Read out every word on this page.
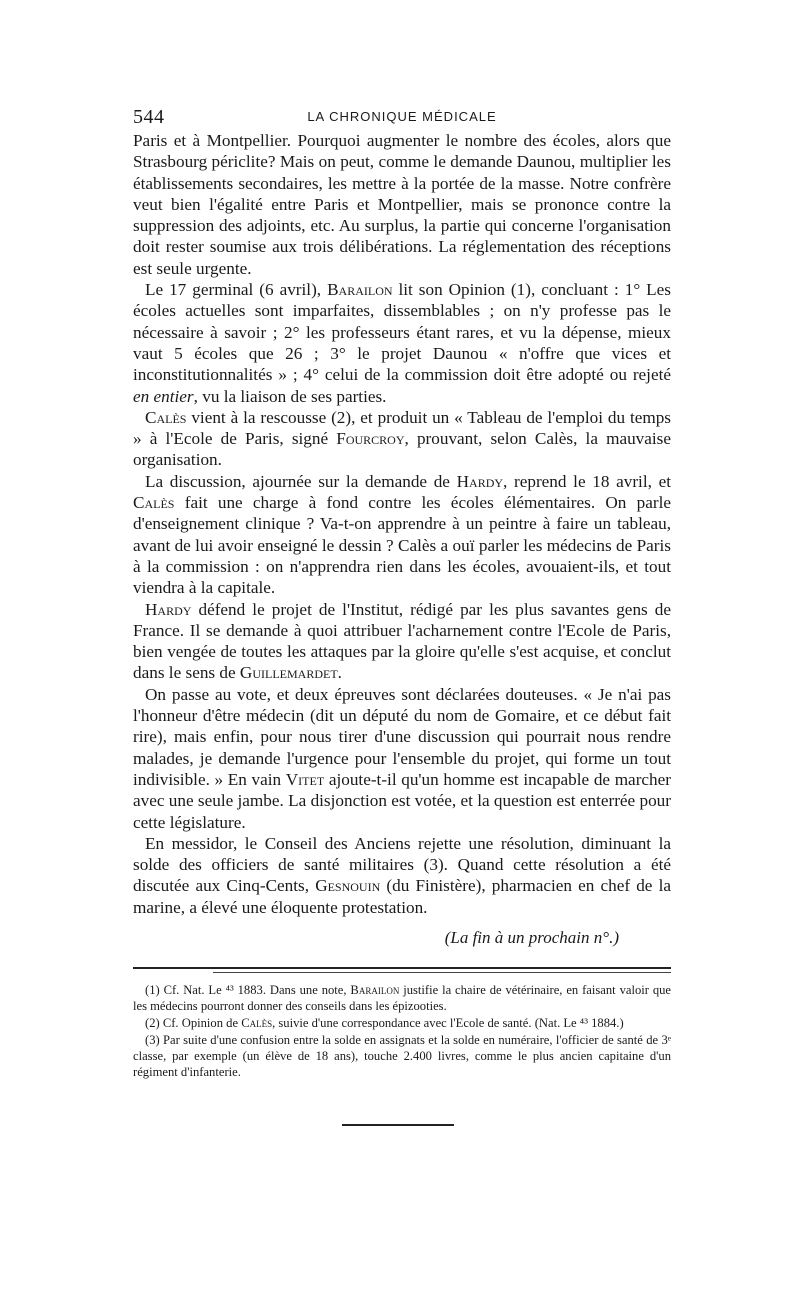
544	LA CHRONIQUE MÉDICALE

Paris et à Montpellier. Pourquoi augmenter le nombre des écoles, alors que Strasbourg périclite? Mais on peut, comme le demande Daunou, multiplier les établissements secondaires, les mettre à la portée de la masse. Notre confrère veut bien l'égalité entre Paris et Montpellier, mais se prononce contre la suppression des adjoints, etc. Au surplus, la partie qui concerne l'organisation doit rester soumise aux trois délibérations. La réglementation des réceptions est seule urgente.

Le 17 germinal (6 avril), Barailon lit son Opinion (1), concluant : 1° Les écoles actuelles sont imparfaites, dissemblables ; on n'y professe pas le nécessaire à savoir ; 2° les professeurs étant rares, et vu la dépense, mieux vaut 5 écoles que 26 ; 3° le projet Daunou « n'offre que vices et inconstitutionnalités » ; 4° celui de la commission doit être adopté ou rejeté en entier, vu la liaison de ses parties.

Calès vient à la rescousse (2), et produit un « Tableau de l'emploi du temps » à l'Ecole de Paris, signé Fourcroy, prouvant, selon Calès, la mauvaise organisation.

La discussion, ajournée sur la demande de Hardy, reprend le 18 avril, et Calès fait une charge à fond contre les écoles élémentaires. On parle d'enseignement clinique ? Va-t-on apprendre à un peintre à faire un tableau, avant de lui avoir enseigné le dessin ? Calès a ouï parler les médecins de Paris à la commission : on n'apprendra rien dans les écoles, avouaient-ils, et tout viendra à la capitale.

Hardy défend le projet de l'Institut, rédigé par les plus savantes gens de France. Il se demande à quoi attribuer l'acharnement contre l'Ecole de Paris, bien vengée de toutes les attaques par la gloire qu'elle s'est acquise, et conclut dans le sens de Guillemardet.

On passe au vote, et deux épreuves sont déclarées douteuses. « Je n'ai pas l'honneur d'être médecin (dit un député du nom de Gomaire, et ce début fait rire), mais enfin, pour nous tirer d'une discussion qui pourrait nous rendre malades, je demande l'urgence pour l'ensemble du projet, qui forme un tout indivisible. » En vain Vitet ajoute-t-il qu'un homme est incapable de marcher avec une seule jambe. La disjonction est votée, et la question est enterrée pour cette législature.

En messidor, le Conseil des Anciens rejette une résolution, diminuant la solde des officiers de santé militaires (3). Quand cette résolution a été discutée aux Cinq-Cents, Gesnouin (du Finistère), pharmacien en chef de la marine, a élevé une éloquente protestation.

(La fin à un prochain n°.)

(1) Cf. Nat. Le ⁴³ 1883. Dans une note, Barailon justifie la chaire de vétérinaire, en faisant valoir que les médecins pourront donner des conseils dans les épizooties.

(2) Cf. Opinion de Calès, suivie d'une correspondance avec l'Ecole de santé. (Nat. Le ⁴³ 1884.)

(3) Par suite d'une confusion entre la solde en assignats et la solde en numéraire, l'officier de santé de 3ᵉ classe, par exemple (un élève de 18 ans), touche 2.400 livres, comme le plus ancien capitaine d'un régiment d'infanterie.
